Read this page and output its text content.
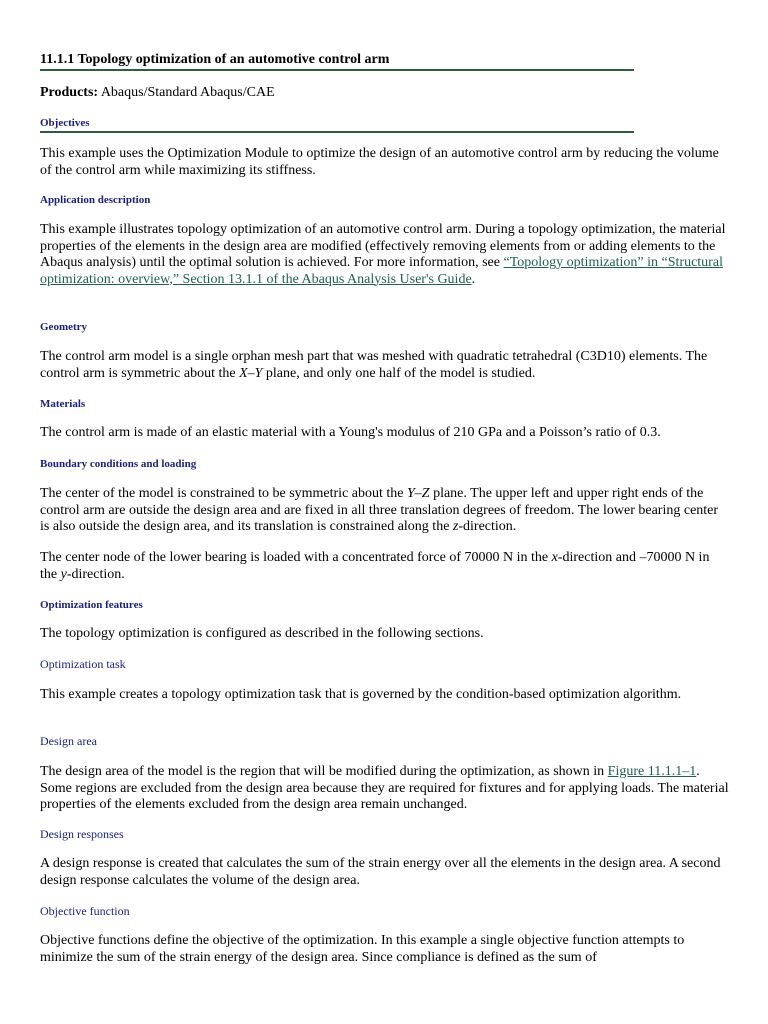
11.1.1 Topology optimization of an automotive control arm
Products: Abaqus/Standard Abaqus/CAE
Objectives

This example uses the Optimization Module to optimize the design of an automotive control arm by reducing the volume of the control arm while maximizing its stiffness.

Application description

This example illustrates topology optimization of an automotive control arm. During a topology optimization, the material properties of the elements in the design area are modified (effectively removing elements from or adding elements to the Abaqus analysis) until the optimal solution is achieved. For more information, see “Topology optimization” in “Structural optimization: overview,” Section 13.1.1 of the Abaqus Analysis User's Guide.

Geometry

The control arm model is a single orphan mesh part that was meshed with quadratic tetrahedral (C3D10) elements. The control arm is symmetric about the X–Y plane, and only one half of the model is studied.

Materials

The control arm is made of an elastic material with a Young's modulus of 210 GPa and a Poisson’s ratio of 0.3.

Boundary conditions and loading

The center of the model is constrained to be symmetric about the Y–Z plane. The upper left and upper right ends of the control arm are outside the design area and are fixed in all three translation degrees of freedom. The lower bearing center is also outside the design area, and its translation is constrained along the z-direction.

The center node of the lower bearing is loaded with a concentrated force of 70000 N in the x-direction and –70000 N in the y-direction.

Optimization features

The topology optimization is configured as described in the following sections.

Optimization task

This example creates a topology optimization task that is governed by the condition-based optimization algorithm.

Design area

The design area of the model is the region that will be modified during the optimization, as shown in Figure 11.1.1–1. Some regions are excluded from the design area because they are required for fixtures and for applying loads. The material properties of the elements excluded from the design area remain unchanged.

Design responses

A design response is created that calculates the sum of the strain energy over all the elements in the design area. A second design response calculates the volume of the design area.

Objective function

Objective functions define the objective of the optimization. In this example a single objective function attempts to minimize the sum of the strain energy of the design area. Since compliance is defined as the sum of
